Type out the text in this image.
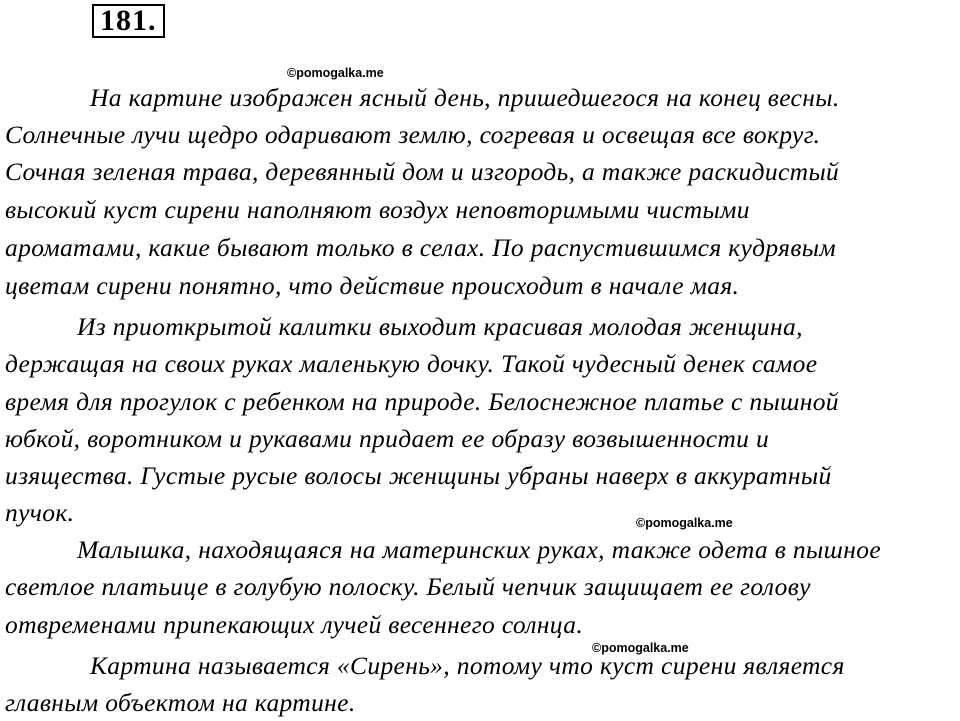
181.
©pomogalka.me
©pomogalka.me
©pomogalka.me
На картине изображен ясный день, пришедшегося на конец весны.
Солнечные лучи щедро одаривают землю, согревая и освещая все вокруг.
Сочная зеленая трава, деревянный дом и изгородь, а также раскидистый
высокий куст сирени наполняют воздух неповторимыми чистыми
ароматами, какие бывают только в селах. По распустившимся кудрявым
цветам сирени понятно, что действие происходит в начале мая.
Из приоткрытой калитки выходит красивая молодая женщина,
держащая на своих руках маленькую дочку. Такой чудесный денек самое
время для прогулок с ребенком на природе. Белоснежное платье с пышной
юбкой, воротником и рукавами придает ее образу возвышенности и
изящества. Густые русые волосы женщины убраны наверх в аккуратный
пучок.
Малышка, находящаяся на материнских руках, также одета в пышное
светлое платьице в голубую полоску. Белый чепчик защищает ее голову
отвременами припекающих лучей весеннего солнца.
Картина называется «Сирень», потому что куст сирени является
главным объектом на картине.
